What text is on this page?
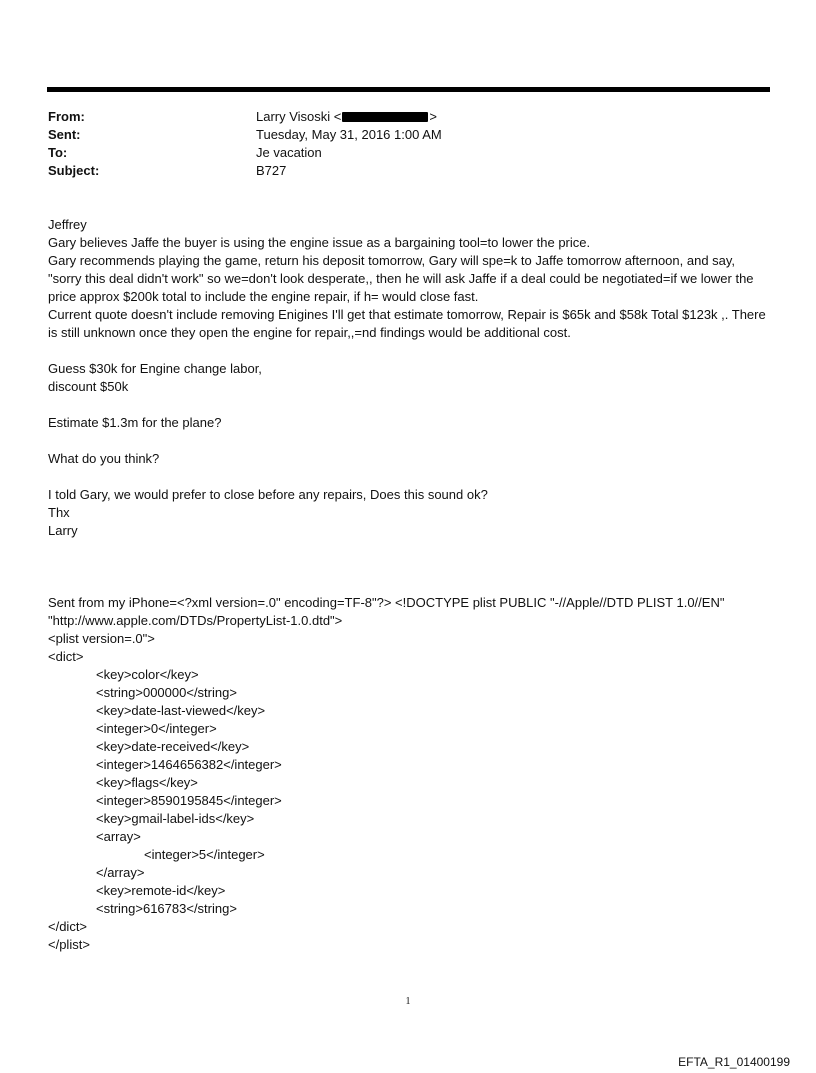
From:	Larry Visoski <	>
Sent:	Tuesday, May 31, 2016 1:00 AM
To:	Je vacation
Subject:	B727

Jeffrey

Gary believes Jaffe the buyer is using the engine issue as a bargaining tool=to lower the price.

Gary recommends playing the game, return his deposit tomorrow, Gary will spe=k to Jaffe tomorrow afternoon, and say, "sorry this deal didn't work" so we=don't look desperate,, then he will ask Jaffe if a deal could be negotiated=if we lower the price approx $200k total to include the engine repair, if h= would close fast.

Current quote doesn't include removing Enigines I'll get that estimate tomorrow, Repair is $65k and $58k Total $123k ,. There is still unknown once they open the engine for repair,,=nd findings would be additional cost.

Guess $30k for Engine change labor,

discount $50k

Estimate $1.3m for the plane?

What do you think?

I told Gary, we would prefer to close before any repairs, Does this sound ok?

Thx

Larry

Sent from my iPhone=<?xml version=.0" encoding=TF-8"?> <!DOCTYPE plist PUBLIC "-//Apple//DTD PLIST 1.0//EN" "http://www.apple.com/DTDs/PropertyList-1.0.dtd">

<plist version=.0">

<dict>

<key>color</key>

<string>000000</string>

<key>date-last-viewed</key>

<integer>0</integer>

<key>date-received</key>

<integer>1464656382</integer>

<key>flags</key>

<integer>8590195845</integer>

<key>gmail-label-ids</key>

<array>

<integer>5</integer>

</array>

<key>remote-id</key>

<string>616783</string>

</dict>

</plist>

1
EFTA_R1_01400199
